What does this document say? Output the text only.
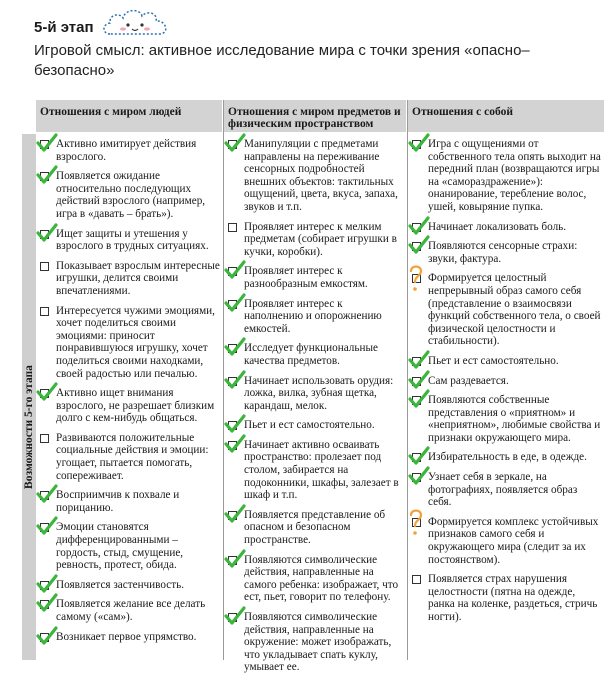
5-й этап
Игровой смысл: активное исследование мира с точки зрения «опасно–безопасно»
Отношения с миром людей	Отношения с миром предметов и физическим пространством
Отношения с собой
Возможности 5-го этапа
Активно имитирует действия взрослого.
Появляется ожидание относительно последующих действий взрослого (например, игра в «давать – брать»).
Ищет защиты и утешения у взрослого в трудных ситуациях.
Показывает взрослым интересные игрушки, делится своими впечатлениями.
Интересуется чужими эмоциями, хочет поделиться своими эмоциями: приносит понравившуюся игрушку, хочет поделиться своими находками, своей радостью или печалью.
Активно ищет внимания взрослого, не разрешает близким долго с кем-нибудь общаться.
Развиваются положительные социальные действия и эмоции: угощает, пытается помогать, сопереживает.
Восприимчив к похвале и порицанию.
Эмоции становятся дифференцированными – гордость, стыд, смущение, ревность, протест, обида.
Появляется застенчивость.
Появляется желание все делать самому («сам»).
Возникает первое упрямство.
Манипуляции с предметами направлены на переживание сенсорных подробностей внешних объектов: тактильных ощущений, цвета, вкуса, запаха, звуков и т.п.
Проявляет интерес к мелким предметам (собирает игрушки в кучки, коробки).
Проявляет интерес к разнообразным емкостям.
Проявляет интерес к наполнению и опорожнению емкостей.
Исследует функциональные качества предметов.
Начинает использовать орудия: ложка, вилка, зубная щетка, карандаш, мелок.
Пьет и ест самостоятельно.
Начинает активно осваивать пространство: пролезает под столом, забирается на подоконники, шкафы, залезает в шкаф и т.п.
Появляется представление об опасном и безопасном пространстве.
Появляются символические действия, направленные на самого ребенка: изображает, что ест, пьет, говорит по телефону.
Появляются символические действия, направленные на окружение: может изображать, что укладывает спать куклу, умывает ее.
Игра с ощущениями от собственного тела опять выходит на передний план (возвращаются игры на «самораздражение»): онанирование, теребление волос, ушей, ковыряние пупка.
Начинает локализовать боль.
Появляются сенсорные страхи: звуки, фактура.
Формируется целостный непрерывный образ самого себя (представление о взаимосвязи функций собственного тела, о своей физической целостности и стабильности).
Пьет и ест самостоятельно.
Сам раздевается.
Появляются собственные представления о «приятном» и «неприятном», любимые свойства и признаки окружающего мира.
Избирательность в еде, в одежде.
Узнает себя в зеркале, на фотографиях, появляется образ себя.
Формируется комплекс устойчивых признаков самого себя и окружающего мира (следит за их постоянством).
Появляется страх нарушения целостности (пятна на одежде, ранка на коленке, раздеться, стричь ногти).
